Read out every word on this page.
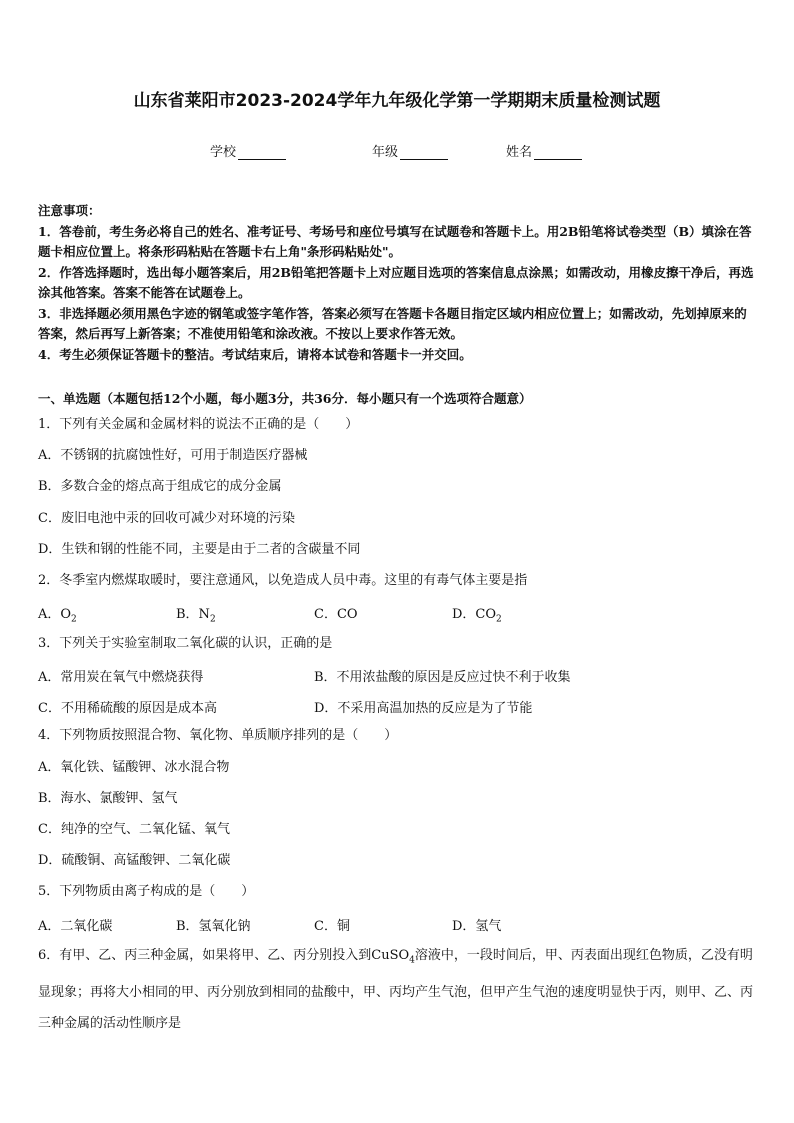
山东省莱阳市2023-2024学年九年级化学第一学期期末质量检测试题
学校	年级	姓名
注意事项：
1．答卷前，考生务必将自己的姓名、准考证号、考场号和座位号填写在试题卷和答题卡上。用2B铅笔将试卷类型（B）填涂在答题卡相应位置上。将条形码粘贴在答题卡右上角"条形码粘贴处"。
2．作答选择题时，选出每小题答案后，用2B铅笔把答题卡上对应题目选项的答案信息点涂黑；如需改动，用橡皮擦干净后，再选涂其他答案。答案不能答在试题卷上。
3．非选择题必须用黑色字迹的钢笔或签字笔作答，答案必须写在答题卡各题目指定区域内相应位置上；如需改动，先划掉原来的答案，然后再写上新答案；不准使用铅笔和涂改液。不按以上要求作答无效。
4．考生必须保证答题卡的整洁。考试结束后，请将本试卷和答题卡一并交回。
一、单选题（本题包括12个小题，每小题3分，共36分．每小题只有一个选项符合题意）
1．下列有关金属和金属材料的说法不正确的是（　　）
A．不锈钢的抗腐蚀性好，可用于制造医疗器械
B．多数合金的熔点高于组成它的成分金属
C．废旧电池中汞的回收可减少对环境的污染
D．生铁和钢的性能不同，主要是由于二者的含碳量不同
2．冬季室内燃煤取暖时，要注意通风，以免造成人员中毒。这里的有毒气体主要是指
A．$O_2$	B．$N_2$	C．CO	D．$CO_2$
3．下列关于实验室制取二氧化碳的认识，正确的是
A．常用炭在氧气中燃烧获得	B．不用浓盐酸的原因是反应过快不利于收集
C．不用稀硫酸的原因是成本高	D．不采用高温加热的反应是为了节能
4．下列物质按照混合物、氧化物、单质顺序排列的是（　　）
A．氧化铁、锰酸钾、冰水混合物
B．海水、氯酸钾、氢气
C．纯净的空气、二氧化锰、氧气
D．硫酸铜、高锰酸钾、二氧化碳
5．下列物质由离子构成的是（　　）
A．二氧化碳	B．氢氧化钠	C．铜	D．氢气
6．有甲、乙、丙三种金属，如果将甲、乙、丙分别投入到CuSO$_4$溶液中，一段时间后，甲、丙表面出现红色物质，乙没有明显现象；再将大小相同的甲、丙分别放到相同的盐酸中，甲、丙均产生气泡，但甲产生气泡的速度明显快于丙，则甲、乙、丙三种金属的活动性顺序是
